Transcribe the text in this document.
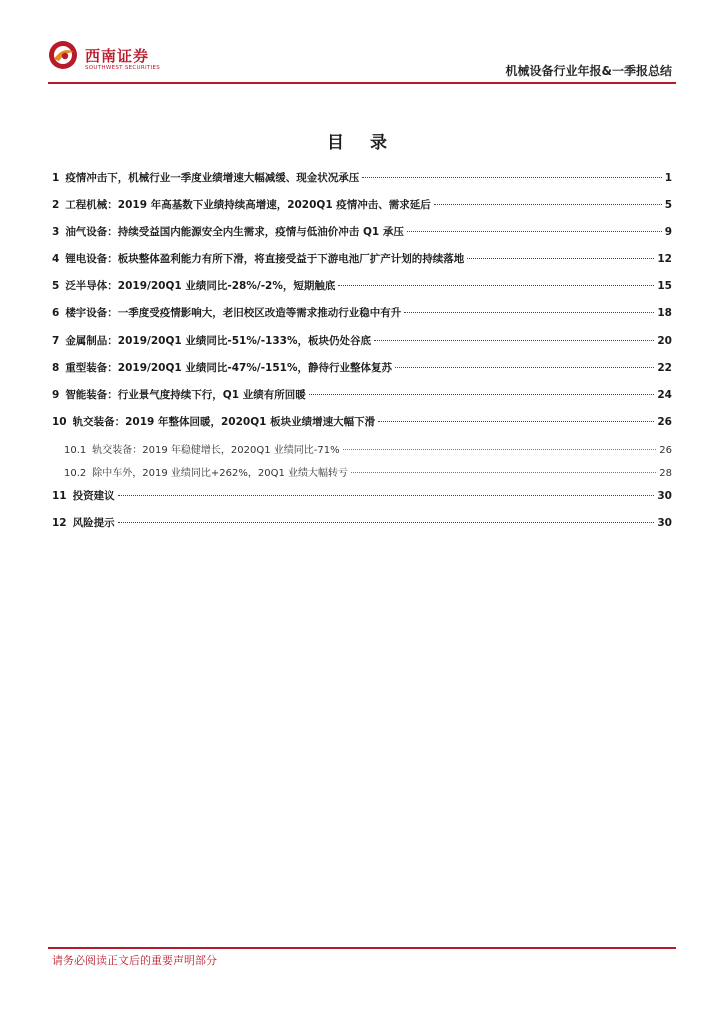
西南证券
SOUTHWEST SECURITIES	机械设备行业年报&一季报总结
目 录
1 疫情冲击下，机械行业一季度业绩增速大幅减缓、现金状况承压	1
2 工程机械：2019 年高基数下业绩持续高增速，2020Q1 疫情冲击、需求延后	5
3 油气设备：持续受益国内能源安全内生需求，疫情与低油价冲击 Q1 承压	9
4 锂电设备：板块整体盈利能力有所下滑，将直接受益于下游电池厂扩产计划的持续落地	12
5 泛半导体：2019/20Q1 业绩同比-28%/-2%，短期触底	15
6 楼宇设备：一季度受疫情影响大，老旧校区改造等需求推动行业稳中有升	18
7 金属制品：2019/20Q1 业绩同比-51%/-133%，板块仍处谷底	20
8 重型装备：2019/20Q1 业绩同比-47%/-151%，静待行业整体复苏	22
9 智能装备：行业景气度持续下行，Q1 业绩有所回暖	24
10 轨交装备：2019 年整体回暖，2020Q1 板块业绩增速大幅下滑	26
10.1 轨交装备：2019 年稳健增长，2020Q1 业绩同比-71%	26
10.2 除中车外，2019 业绩同比+262%，20Q1 业绩大幅转亏	28
11 投资建议	30
12 风险提示	30
请务必阅读正文后的重要声明部分
